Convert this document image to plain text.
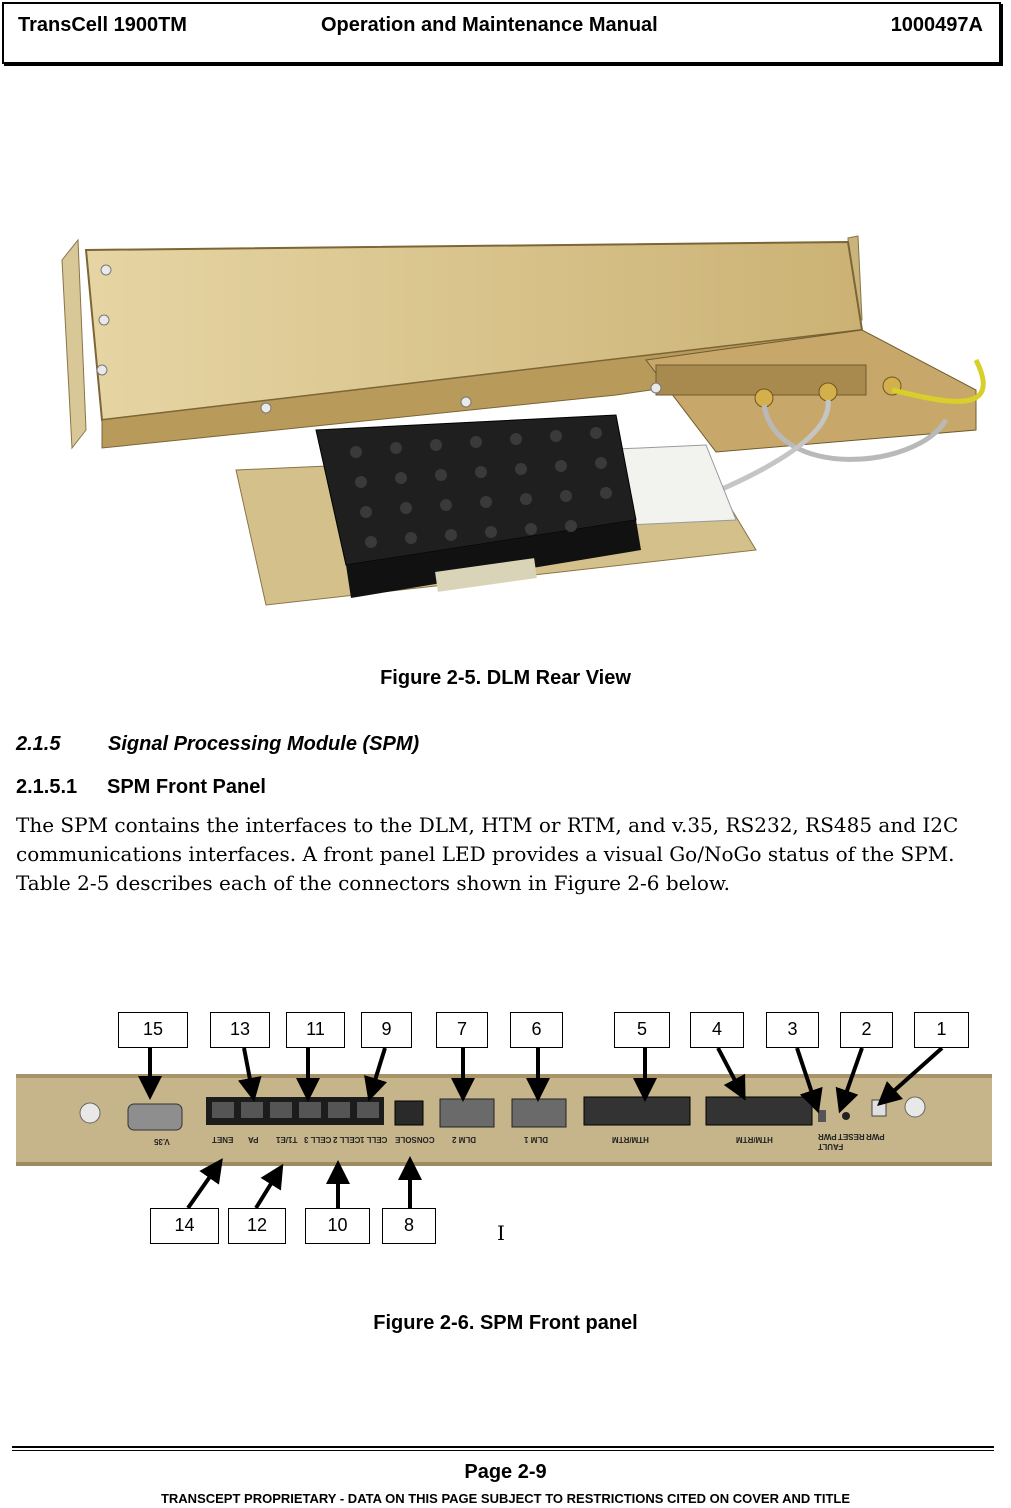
TransCell 1900TM	Operation and Maintenance Manual	1000497A
Figure 2-5. DLM Rear View
2.1.5 Signal Processing Module (SPM)
2.1.5.1 SPM Front Panel
The SPM contains the interfaces to the DLM, HTM or RTM, and v.35, RS232, RS485 and I2C communications interfaces. A front panel LED provides a visual Go/NoGo status of the SPM. Table 2-5 describes each of the connectors shown in Figure 2-6 below.
V.35	ENET PA T1/E1 CELL 3 CELL 2 CELL 1 CONSOLE DLM 2	DLM 1	HTM/RTM	HTM/RTM
FAULT
PWR RESET PWR
15	13	11	9	7	6	5	4	3	2	1
14	12	10	8	I
Figure 2-6. SPM Front panel
Page 2-9
TRANSCEPT PROPRIETARY - DATA ON THIS PAGE SUBJECT TO RESTRICTIONS CITED ON COVER AND TITLE
